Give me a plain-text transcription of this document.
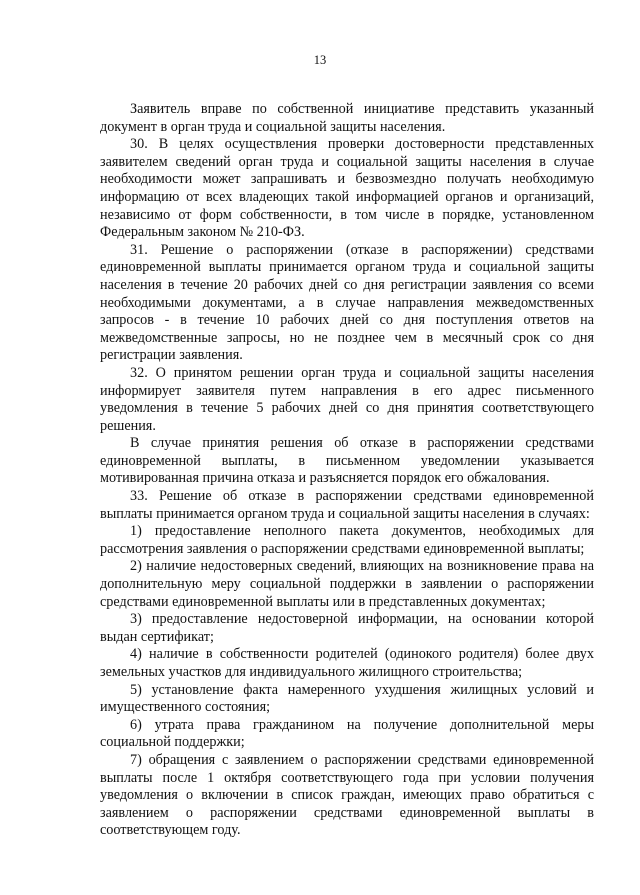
13

Заявитель вправе по собственной инициативе представить указанный документ в орган труда и социальной защиты населения.

30. В целях осуществления проверки достоверности представленных заявителем сведений орган труда и социальной защиты населения в случае необходимости может запрашивать и безвозмездно получать необходимую информацию от всех владеющих такой информацией органов и организаций, независимо от форм собственности, в том числе в порядке, установленном Федеральным законом № 210-ФЗ.

31. Решение о распоряжении (отказе в распоряжении) средствами единовременной выплаты принимается органом труда и социальной защиты населения в течение 20 рабочих дней со дня регистрации заявления со всеми необходимыми документами, а в случае направления межведомственных запросов - в течение 10 рабочих дней со дня поступления ответов на межведомственные запросы, но не позднее чем в месячный срок со дня регистрации заявления.

32. О принятом решении орган труда и социальной защиты населения информирует заявителя путем направления в его адрес письменного уведомления в течение 5 рабочих дней со дня принятия соответствующего решения.

В случае принятия решения об отказе в распоряжении средствами единовременной выплаты, в письменном уведомлении указывается мотивированная причина отказа и разъясняется порядок его обжалования.

33. Решение об отказе в распоряжении средствами единовременной выплаты принимается органом труда и социальной защиты населения в случаях:

1) предоставление неполного пакета документов, необходимых для рассмотрения заявления о распоряжении средствами единовременной выплаты;

2) наличие недостоверных сведений, влияющих на возникновение права на дополнительную меру социальной поддержки в заявлении о распоряжении средствами единовременной выплаты или в представленных документах;

3) предоставление недостоверной информации, на основании которой выдан сертификат;

4) наличие в собственности родителей (одинокого родителя) более двух земельных участков для индивидуального жилищного строительства;

5) установление факта намеренного ухудшения жилищных условий и имущественного состояния;

6) утрата права гражданином на получение дополнительной меры социальной поддержки;

7) обращения с заявлением о распоряжении средствами единовременной выплаты после 1 октября соответствующего года при условии получения уведомления о включении в список граждан, имеющих право обратиться с заявлением о распоряжении средствами единовременной выплаты в соответствующем году.
